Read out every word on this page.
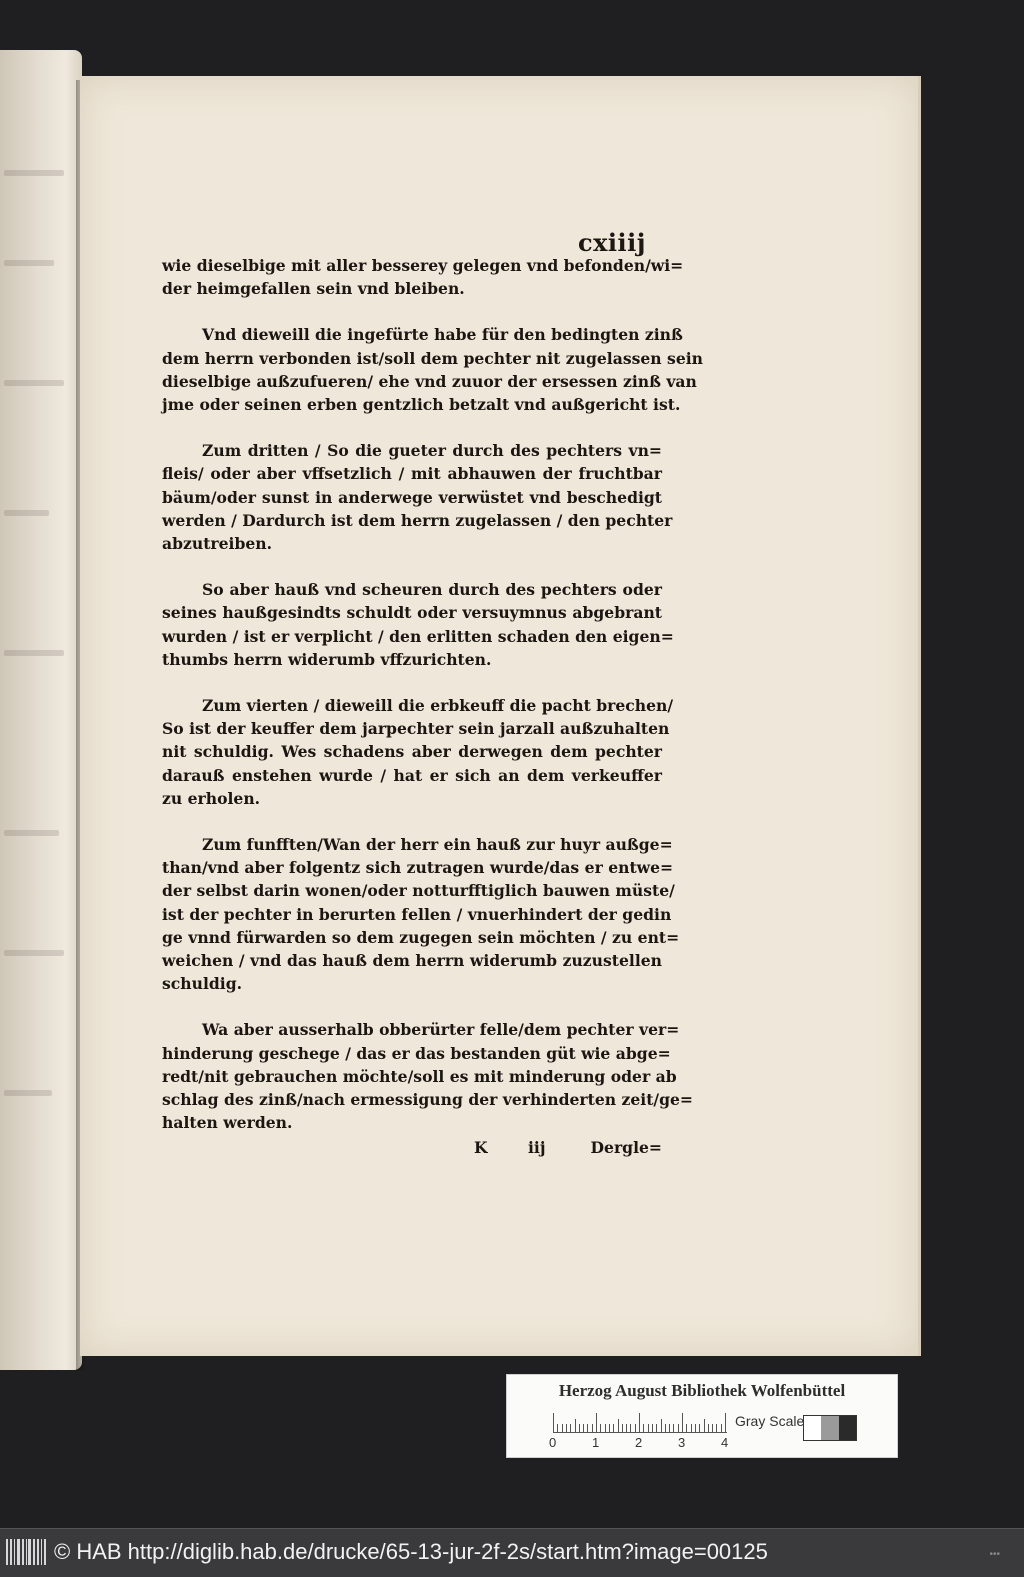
cxiiij
wie dieselbige mit aller besserey gelegen vnd befonden/wi=
der heimgefallen sein vnd bleiben.
Vnd dieweill die ingefürte habe für den bedingten zinß
dem herrn verbonden ist/soll dem pechter nit zugelassen sein
dieselbige außzufueren/ ehe vnd zuuor der ersessen zinß van
jme oder seinen erben gentzlich betzalt vnd außgericht ist.
Zum dritten / So die gueter durch des pechters vn=
fleis/ oder aber vffsetzlich / mit abhauwen der fruchtbar
bäum/oder sunst in anderwege verwüstet vnd beschedigt
werden / Dardurch ist dem herrn zugelassen / den pechter
abzutreiben.
So aber hauß vnd scheuren durch des pechters oder
seines haußgesindts schuldt oder versuymnus abgebrant
wurden / ist er verplicht / den erlitten schaden den eigen=
thumbs herrn widerumb vffzurichten.
Zum vierten / dieweill die erbkeuff die pacht brechen/
So ist der keuffer dem jarpechter sein jarzall außzuhalten
nit schuldig. Wes schadens aber derwegen dem pechter
darauß enstehen wurde / hat er sich an dem verkeuffer
zu erholen.
Zum funfften/Wan der herr ein hauß zur huyr außge=
than/vnd aber folgentz sich zutragen wurde/das er entwe=
der selbst darin wonen/oder notturfftiglich bauwen müste/
ist der pechter in berurten fellen / vnuerhindert der gedin
ge vnnd fürwarden so dem zugegen sein möchten / zu ent=
weichen / vnd das hauß dem herrn widerumb zuzustellen
schuldig.
Wa aber ausserhalb obberürter felle/dem pechter ver=
hinderung geschege / das er das bestanden güt wie abge=
redt/nit gebrauchen möchte/soll es mit minderung oder ab
schlag des zinß/nach ermessigung der verhinderten zeit/ge=
halten werden.
K	iij	Dergle=
Herzog August Bibliothek Wolfenbüttel
0	1	2	3	4
Gray Scale
© HAB http://diglib.hab.de/drucke/65-13-jur-2f-2s/start.htm?image=00125	•••
